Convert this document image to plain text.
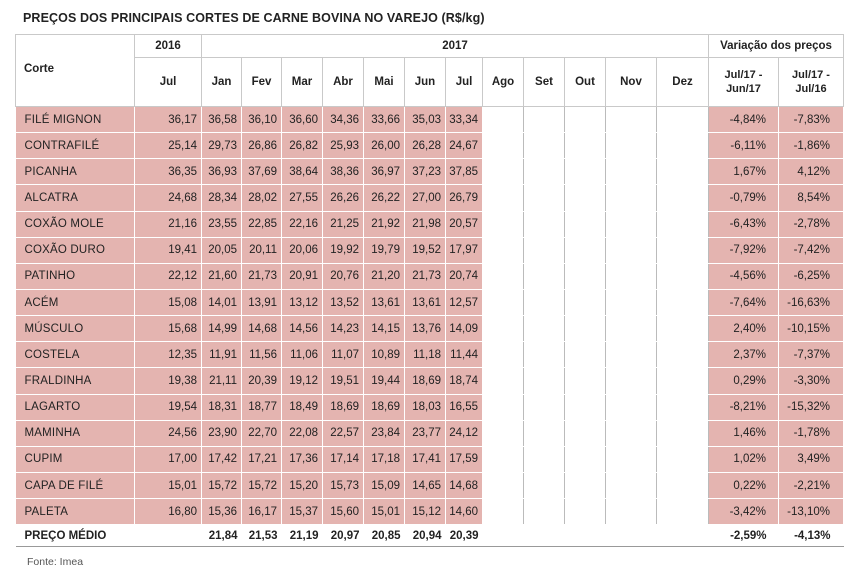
PREÇOS DOS PRINCIPAIS CORTES DE CARNE BOVINA NO VAREJO (R$/kg)
Corte	2016	2017												Variação dos preços	
	Jul	Jan	Fev	Mar	Abr	Mai	Jun	Jul	Ago	Set	Out	Nov	Dez	Jul/17 - Jun/17	Jul/17 - Jul/16
FILÉ MIGNON	36,17	36,58	36,10	36,60	34,36	33,66	35,03	33,34						-4,84%	-7,83%
CONTRAFILÉ	25,14	29,73	26,86	26,82	25,93	26,00	26,28	24,67						-6,11%	-1,86%
PICANHA	36,35	36,93	37,69	38,64	38,36	36,97	37,23	37,85						1,67%	4,12%
ALCATRA	24,68	28,34	28,02	27,55	26,26	26,22	27,00	26,79						-0,79%	8,54%
COXÃO MOLE	21,16	23,55	22,85	22,16	21,25	21,92	21,98	20,57						-6,43%	-2,78%
COXÃO DURO	19,41	20,05	20,11	20,06	19,92	19,79	19,52	17,97						-7,92%	-7,42%
PATINHO	22,12	21,60	21,73	20,91	20,76	21,20	21,73	20,74						-4,56%	-6,25%
ACÉM	15,08	14,01	13,91	13,12	13,52	13,61	13,61	12,57						-7,64%	-16,63%
MÚSCULO	15,68	14,99	14,68	14,56	14,23	14,15	13,76	14,09						2,40%	-10,15%
COSTELA	12,35	11,91	11,56	11,06	11,07	10,89	11,18	11,44						2,37%	-7,37%
FRALDINHA	19,38	21,11	20,39	19,12	19,51	19,44	18,69	18,74						0,29%	-3,30%
LAGARTO	19,54	18,31	18,77	18,49	18,69	18,69	18,03	16,55						-8,21%	-15,32%
MAMINHA	24,56	23,90	22,70	22,08	22,57	23,84	23,77	24,12						1,46%	-1,78%
CUPIM	17,00	17,42	17,21	17,36	17,14	17,18	17,41	17,59						1,02%	3,49%
CAPA DE FILÉ	15,01	15,72	15,72	15,20	15,73	15,09	14,65	14,68						0,22%	-2,21%
PALETA	16,80	15,36	16,17	15,37	15,60	15,01	15,12	14,60						-3,42%	-13,10%
PREÇO MÉDIO		21,84	21,53	21,19	20,97	20,85	20,94	20,39						-2,59%	-4,13%
Fonte: Imea
